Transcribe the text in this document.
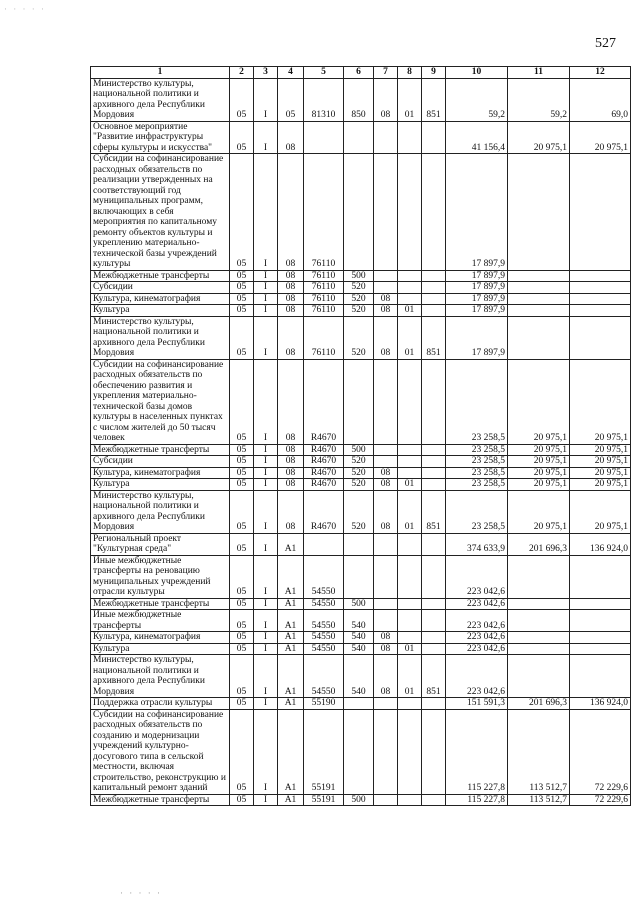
· · · · ·
527
1	2	3	4	5	6	7	8	9	10	11	12
Министерство культуры, национальной политики и архивного дела Республики Мордовия	05	I	05	81310	850	08	01	851	59,2	59,2	69,0
Основное мероприятие "Развитие инфраструктуры сферы культуры и искусства"	05	I	08						41 156,4	20 975,1	20 975,1
Субсидии на софинансирование расходных обязательств по реализации утвержденных на соответствующий год муниципальных программ, включающих в себя мероприятия по капитальному ремонту объектов культуры и укреплению материально-технической базы учреждений культуры	05	I	08	76110					17 897,9		
Межбюджетные трансферты	05	I	08	76110	500				17 897,9		
Субсидии	05	I	08	76110	520				17 897,9		
Культура, кинематография	05	I	08	76110	520	08			17 897,9		
Культура	05	I	08	76110	520	08	01		17 897,9		
Министерство культуры, национальной политики и архивного дела Республики Мордовия	05	I	08	76110	520	08	01	851	17 897,9		
Субсидии на софинансирование расходных обязательств по обеспечению развития и укрепления материально-технической базы домов культуры в населенных пунктах с числом жителей до 50 тысяч человек	05	I	08	R4670					23 258,5	20 975,1	20 975,1
Межбюджетные трансферты	05	I	08	R4670	500				23 258,5	20 975,1	20 975,1
Субсидии	05	I	08	R4670	520				23 258,5	20 975,1	20 975,1
Культура, кинематография	05	I	08	R4670	520	08			23 258,5	20 975,1	20 975,1
Культура	05	I	08	R4670	520	08	01		23 258,5	20 975,1	20 975,1
Министерство культуры, национальной политики и архивного дела Республики Мордовия	05	I	08	R4670	520	08	01	851	23 258,5	20 975,1	20 975,1
Региональный проект "Культурная среда"	05	I	A1						374 633,9	201 696,3	136 924,0
Иные межбюджетные трансферты на реновацию муниципальных учреждений отрасли культуры	05	I	A1	54550					223 042,6		
Межбюджетные трансферты	05	I	A1	54550	500				223 042,6		
Иные межбюджетные трансферты	05	I	A1	54550	540				223 042,6		
Культура, кинематография	05	I	A1	54550	540	08			223 042,6		
Культура	05	I	A1	54550	540	08	01		223 042,6		
Министерство культуры, национальной политики и архивного дела Республики Мордовия	05	I	A1	54550	540	08	01	851	223 042,6		
Поддержка отрасли культуры	05	I	A1	55190					151 591,3	201 696,3	136 924,0
Субсидии на софинансирование расходных обязательств по созданию и модернизации учреждений культурно-досугового типа в сельской местности, включая строительство, реконструкцию и капитальный ремонт зданий	05	I	A1	55191					115 227,8	113 512,7	72 229,6
Межбюджетные трансферты	05	I	A1	55191	500				115 227,8	113 512,7	72 229,6
· · · · ·
